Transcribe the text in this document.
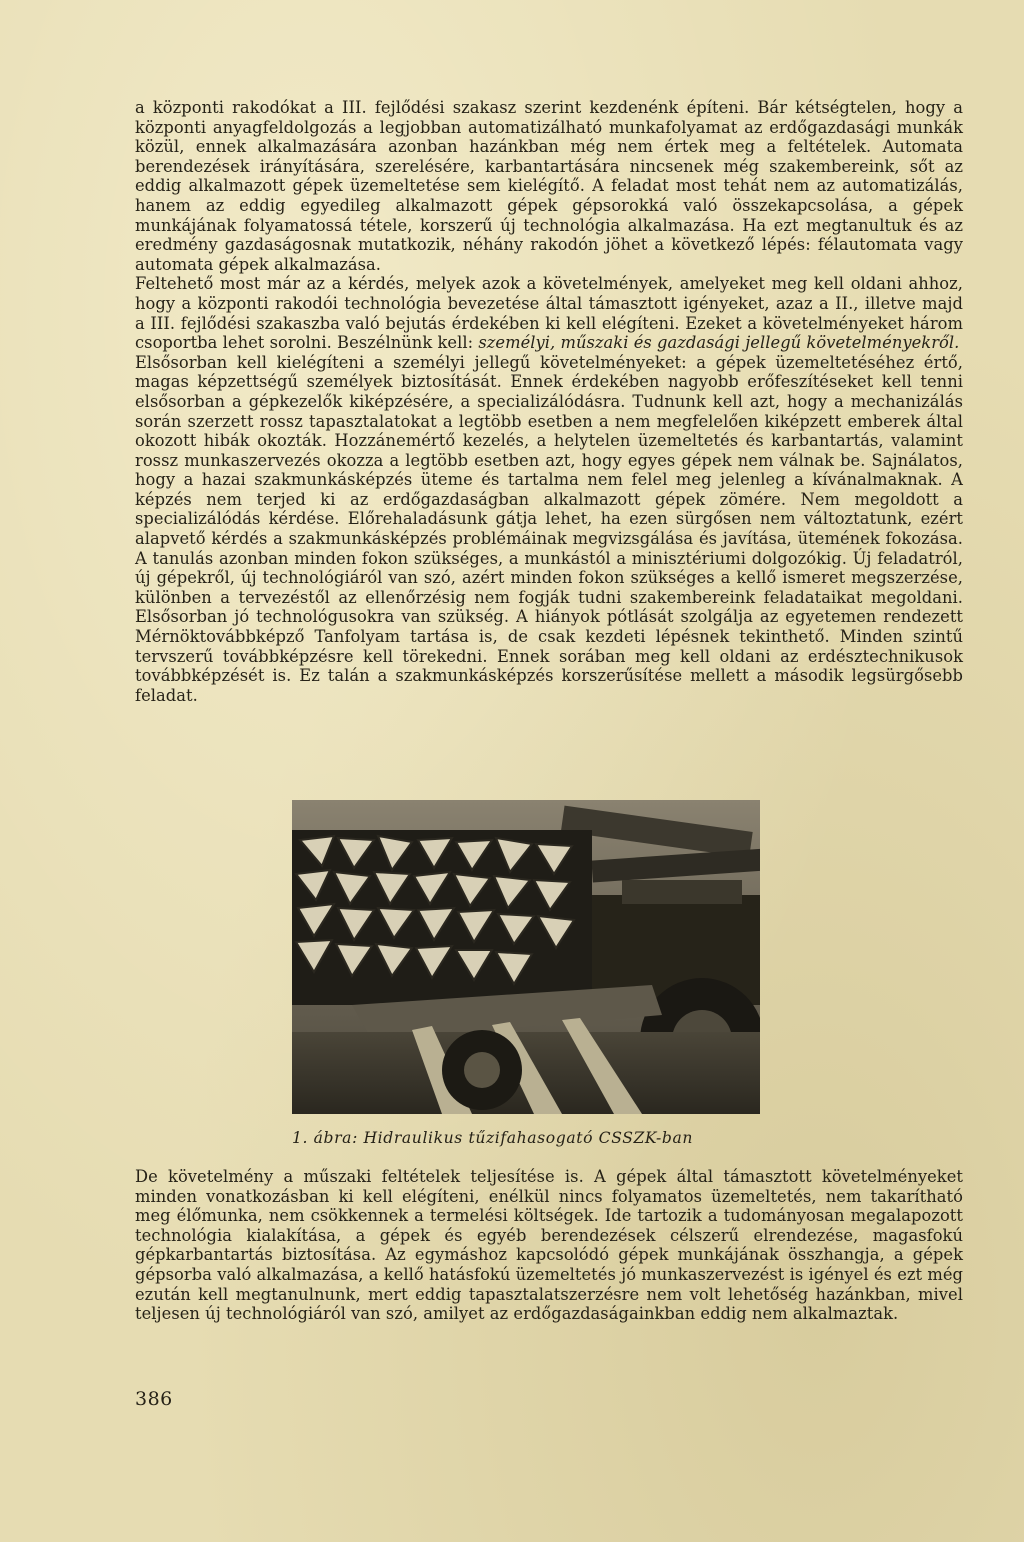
a központi rakodókat a III. fejlődési szakasz szerint kezdenénk építeni. Bár kétségtelen, hogy a központi anyagfeldolgozás a legjobban automatizálható munkafolyamat az erdőgazdasági munkák közül, ennek alkalmazására azonban hazánkban még nem értek meg a feltételek. Automata berendezések irányítására, szerelésére, karbantartására nincsenek még szakembereink, sőt az eddig alkalmazott gépek üzemeltetése sem kielégítő. A feladat most tehát nem az automatizálás, hanem az eddig egyedileg alkalmazott gépek gépsorokká való összekapcsolása, a gépek munkájának folyamatossá tétele, korszerű új technológia alkalmazása. Ha ezt megtanultuk és az eredmény gazdaságosnak mutatkozik, néhány rakodón jöhet a következő lépés: félautomata vagy automata gépek alkalmazása.

Feltehető most már az a kérdés, melyek azok a követelmények, amelyeket meg kell oldani ahhoz, hogy a központi rakodói technológia bevezetése által támasztott igényeket, azaz a II., illetve majd a III. fejlődési szakaszba való bejutás érdekében ki kell elégíteni. Ezeket a követelményeket három csoportba lehet sorolni. Beszélnünk kell: személyi, műszaki és gazdasági jellegű követelményekről.

Elsősorban kell kielégíteni a személyi jellegű követelményeket: a gépek üzemeltetéséhez értő, magas képzettségű személyek biztosítását. Ennek érdekében nagyobb erőfeszítéseket kell tenni elsősorban a gépkezelők kiképzésére, a specializálódásra. Tudnunk kell azt, hogy a mechanizálás során szerzett rossz tapasztalatokat a legtöbb esetben a nem megfelelően kiképzett emberek által okozott hibák okozták. Hozzánemértő kezelés, a helytelen üzemeltetés és karbantartás, valamint rossz munkaszervezés okozza a legtöbb esetben azt, hogy egyes gépek nem válnak be. Sajnálatos, hogy a hazai szakmunkásképzés üteme és tartalma nem felel meg jelenleg a kívánalmaknak. A képzés nem terjed ki az erdőgazdaságban alkalmazott gépek zömére. Nem megoldott a specializálódás kérdése. Előrehaladásunk gátja lehet, ha ezen sürgősen nem változtatunk, ezért alapvető kérdés a szakmunkásképzés problémáinak megvizsgálása és javítása, ütemének fokozása. A tanulás azonban minden fokon szükséges, a munkástól a minisztériumi dolgozókig. Új feladatról, új gépekről, új technológiáról van szó, azért minden fokon szükséges a kellő ismeret megszerzése, különben a tervezéstől az ellenőrzésig nem fogják tudni szakembereink feladataikat megoldani. Elsősorban jó technológusokra van szükség. A hiányok pótlását szolgálja az egyetemen rendezett Mérnöktovábbképző Tanfolyam tartása is, de csak kezdeti lépésnek tekinthető. Minden szintű tervszerű továbbképzésre kell törekedni. Ennek sorában meg kell oldani az erdésztechnikusok továbbképzését is. Ez talán a szakmunkásképzés korszerűsítése mellett a második legsürgősebb feladat.

1. ábra: Hidraulikus tűzifahasogató CSSZK-ban

De követelmény a műszaki feltételek teljesítése is. A gépek által támasztott követelményeket minden vonatkozásban ki kell elégíteni, enélkül nincs folyamatos üzemeltetés, nem takarítható meg élőmunka, nem csökkennek a termelési költségek. Ide tartozik a tudományosan megalapozott technológia kialakítása, a gépek és egyéb berendezések célszerű elrendezése, magasfokú gépkarbantartás biztosítása. Az egymáshoz kapcsolódó gépek munkájának összhangja, a gépek gépsorba való alkalmazása, a kellő hatásfokú üzemeltetés jó munkaszervezést is igényel és ezt még ezután kell megtanulnunk, mert eddig tapasztalatszerzésre nem volt lehetőség hazánkban, mivel teljesen új technológiáról van szó, amilyet az erdőgazdaságainkban eddig nem alkalmaztak.

386
